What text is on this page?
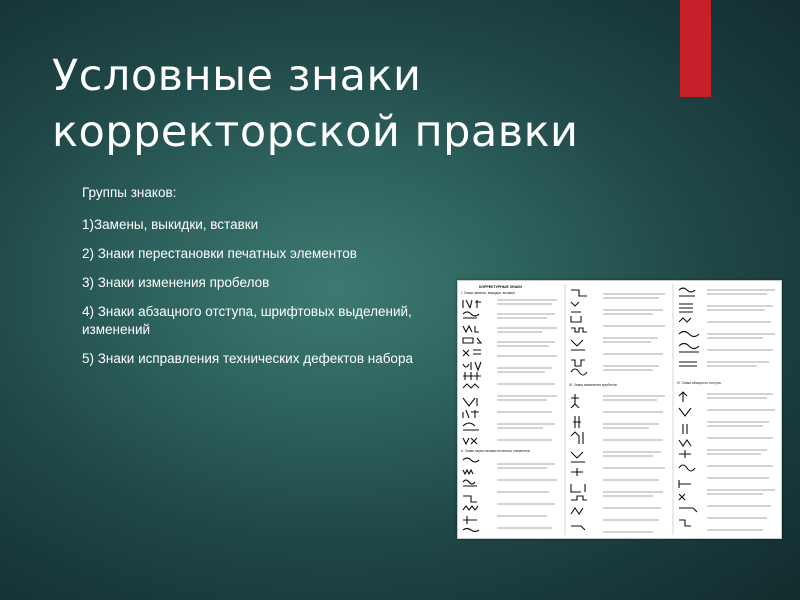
Условные знаки
корректорской правки
Группы знаков:
1)Замены, выкидки, вставки
2) Знаки перестановки печатных элементов
3) Знаки изменения пробелов
4) Знаки абзацного отступа, шрифтовых выделений, изменений
5) Знаки исправления технических дефектов набора
КОРРЕКТУРНЫЕ ЗНАКИ
I. Знаки замены, выкидки, вставки
II. Знаки перестановки печатных элементов
III. Знаки изменения пробелов	IV. Знаки абзацного отступа
